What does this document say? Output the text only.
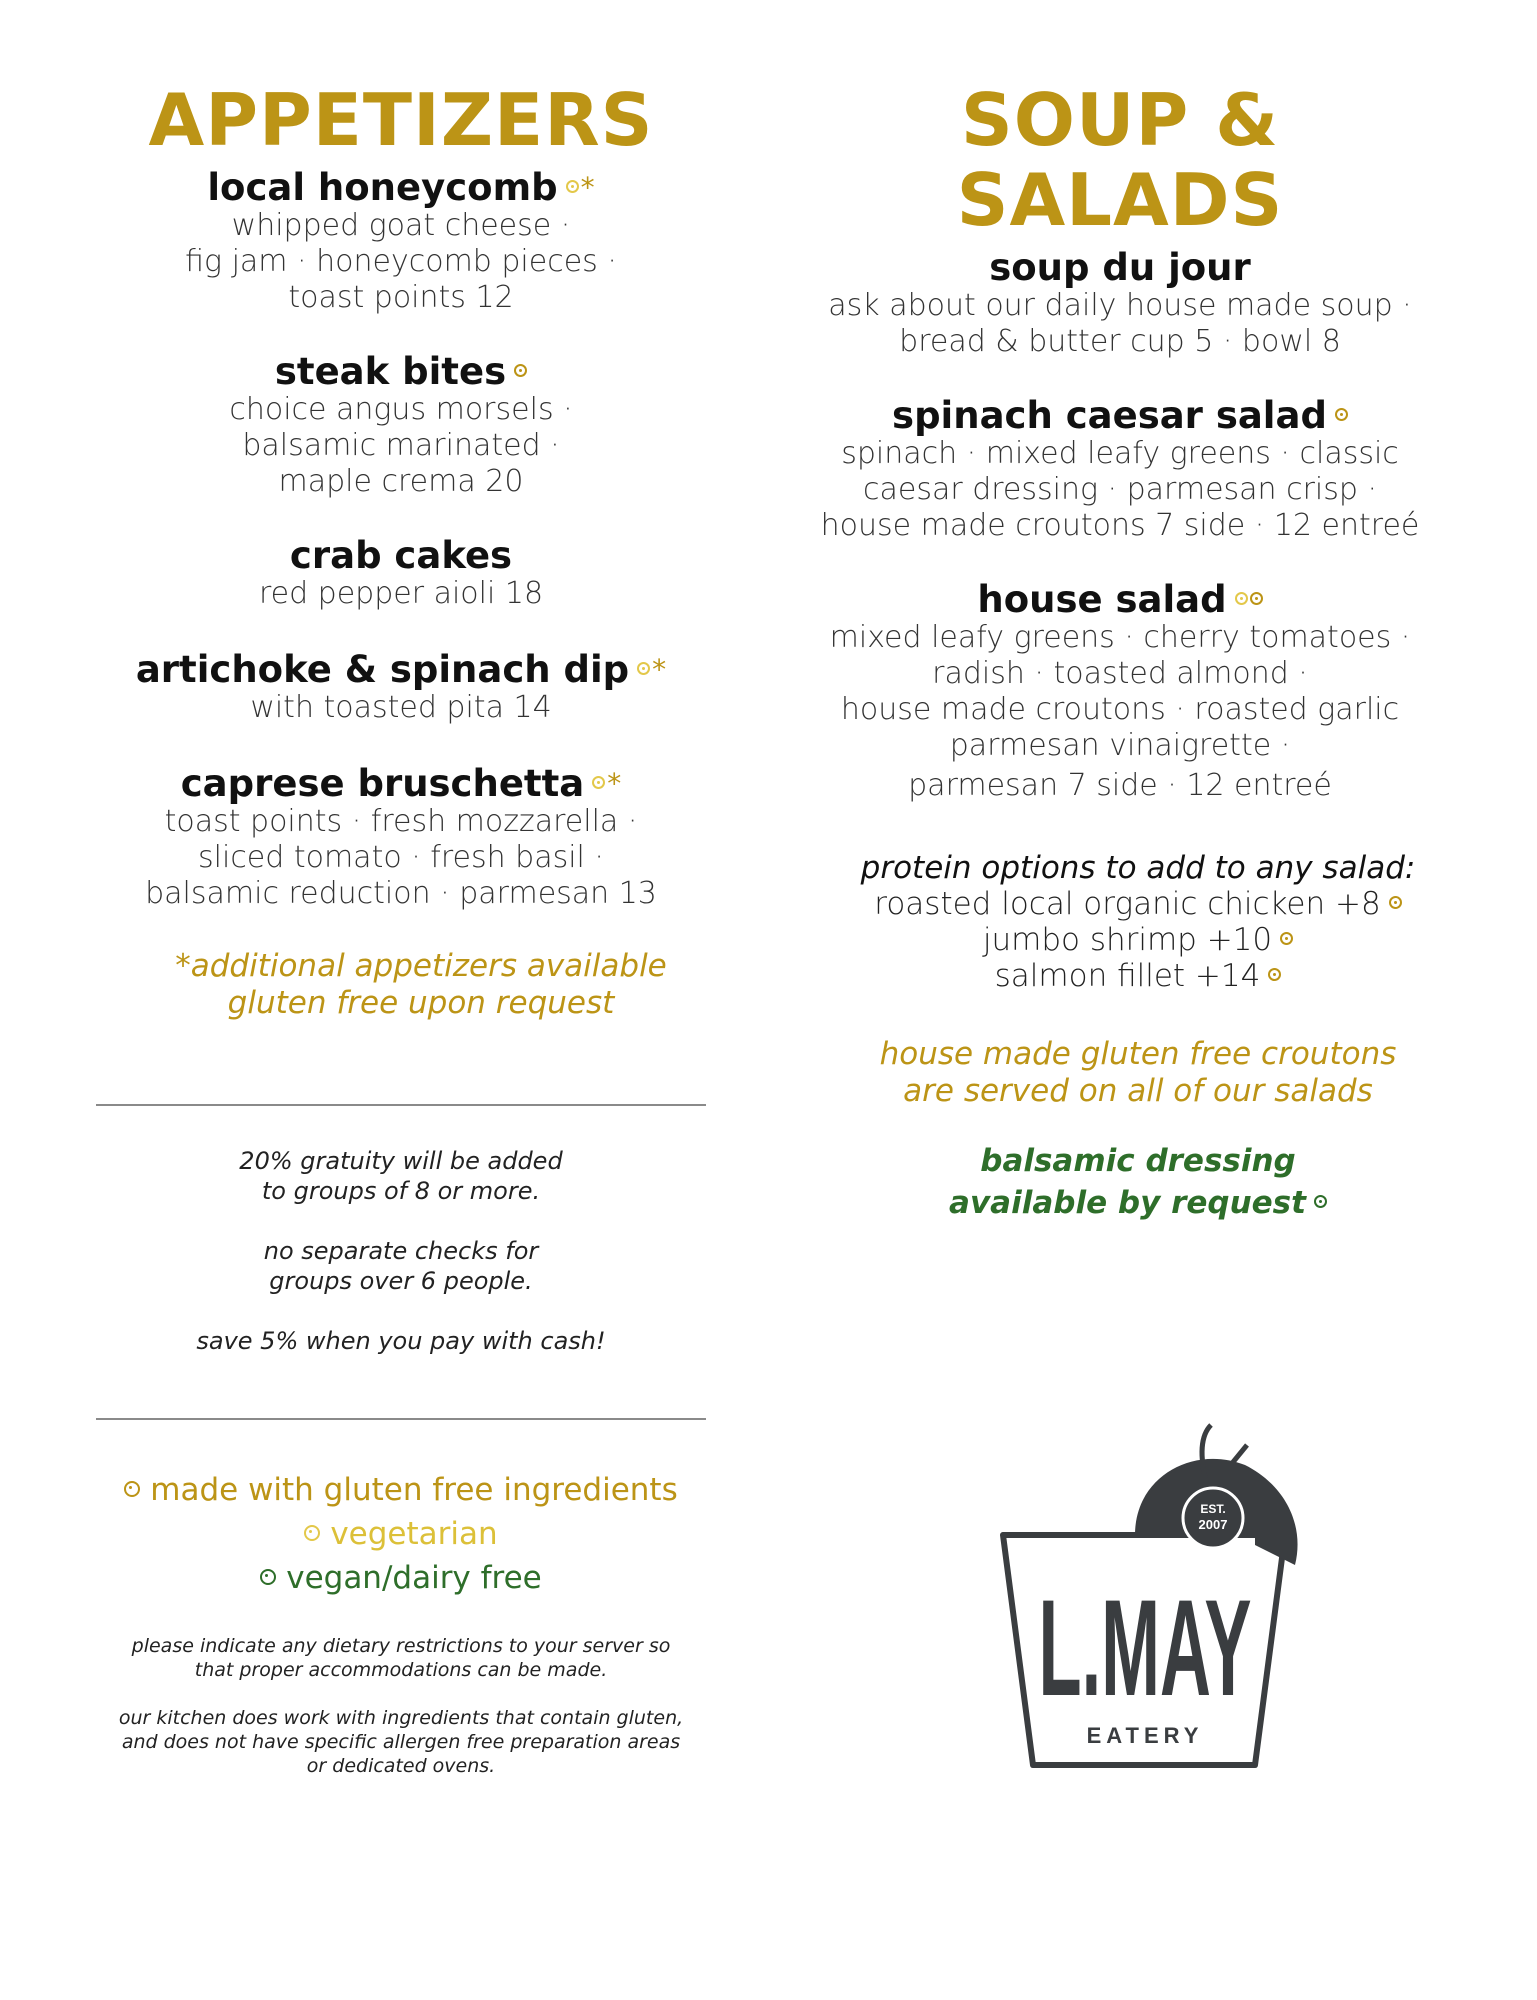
APPETIZERS
local honeycomb *
whipped goat cheese ·
fig jam · honeycomb pieces ·
toast points 12
steak bites
choice angus morsels ·
balsamic marinated ·
maple crema 20
crab cakes
red pepper aioli 18
artichoke & spinach dip *
with toasted pita 14
caprese bruschetta *
toast points · fresh mozzarella ·
sliced tomato · fresh basil ·
balsamic reduction · parmesan 13
*additional appetizers available
gluten free upon request
20% gratuity will be added
to groups of 8 or more.
no separate checks for
groups over 6 people.
save 5% when you pay with cash!
made with gluten free ingredients
vegetarian
vegan/dairy free
please indicate any dietary restrictions to your server so
that proper accommodations can be made.
our kitchen does work with ingredients that contain gluten,
and does not have specific allergen free preparation areas
or dedicated ovens.
SOUP &
SALADS
soup du jour
ask about our daily house made soup ·
bread & butter cup 5 · bowl 8
spinach caesar salad
spinach · mixed leafy greens · classic
caesar dressing · parmesan crisp ·
house made croutons 7 side · 12 entreé
house salad
mixed leafy greens · cherry tomatoes ·
radish · toasted almond ·
house made croutons · roasted garlic
parmesan vinaigrette ·
parmesan 7 side · 12 entreé
protein options to add to any salad:
roasted local organic chicken +8
jumbo shrimp +10
salmon fillet +14
house made gluten free croutons
are served on all of our salads
balsamic dressing
available by request
EST.
2007
L.MAY
EATERY
